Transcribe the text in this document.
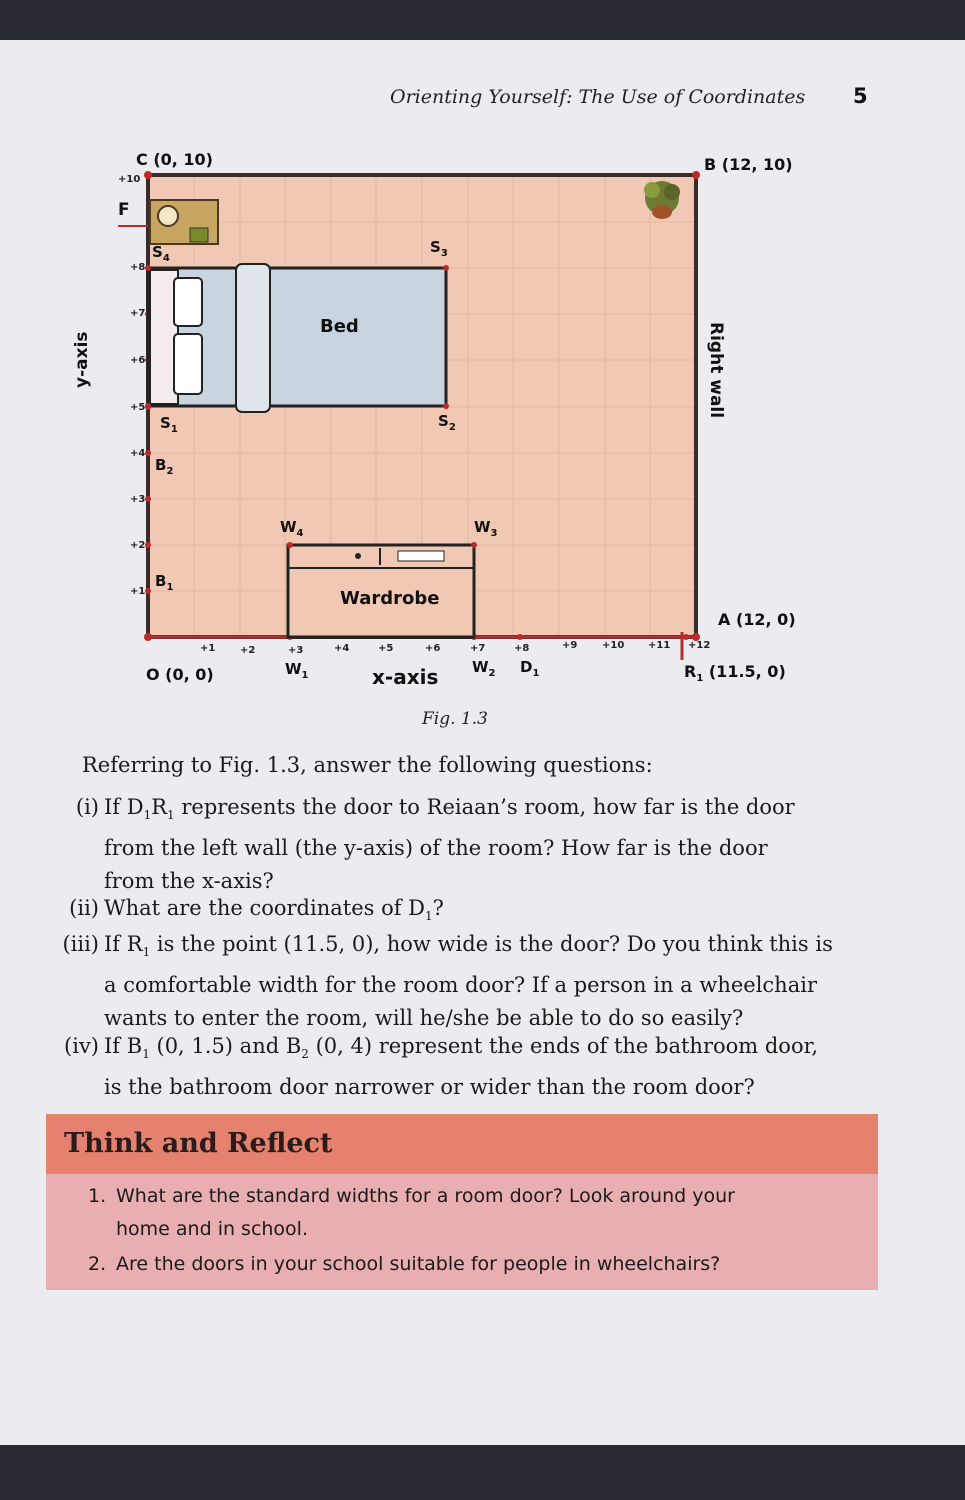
Orienting Yourself: The Use of Coordinates 5
C (0, 10)	B (12, 10)
A (12, 0)
O (0, 0)	$R_1$ (11.5, 0)
x-axis
y-axis	Right wall
+1 +2	+3	+4	+5	+6	+7	+8	+9 +10 +11 +12
+1
+2
+3
+4
+5
+6
+7
+8
+10
F
$S_4$
$S_3$
$S_2$
$S_1$
$B_2$
$B_1$
$W_4$	$W_3$
$W_1$	$W_2$ $D_1$
Bed
Wardrobe
Fig. 1.3
Referring to Fig. 1.3, answer the following questions:
(i) If $D_1R_1$ represents the door to Reiaan’s room, how far is the door
from the left wall (the y-axis) of the room? How far is the door
from the x-axis?
(ii) What are the coordinates of $D_1$?
(iii) If $R_1$ is the point (11.5, 0), how wide is the door? Do you think this is
a comfortable width for the room door? If a person in a wheelchair
wants to enter the room, will he/she be able to do so easily?
(iv) If $B_1$ (0, 1.5) and $B_2$ (0, 4) represent the ends of the bathroom door,
is the bathroom door narrower or wider than the room door?
Think and Reflect
1. What are the standard widths for a room door? Look around your
home and in school.
2. Are the doors in your school suitable for people in wheelchairs?
